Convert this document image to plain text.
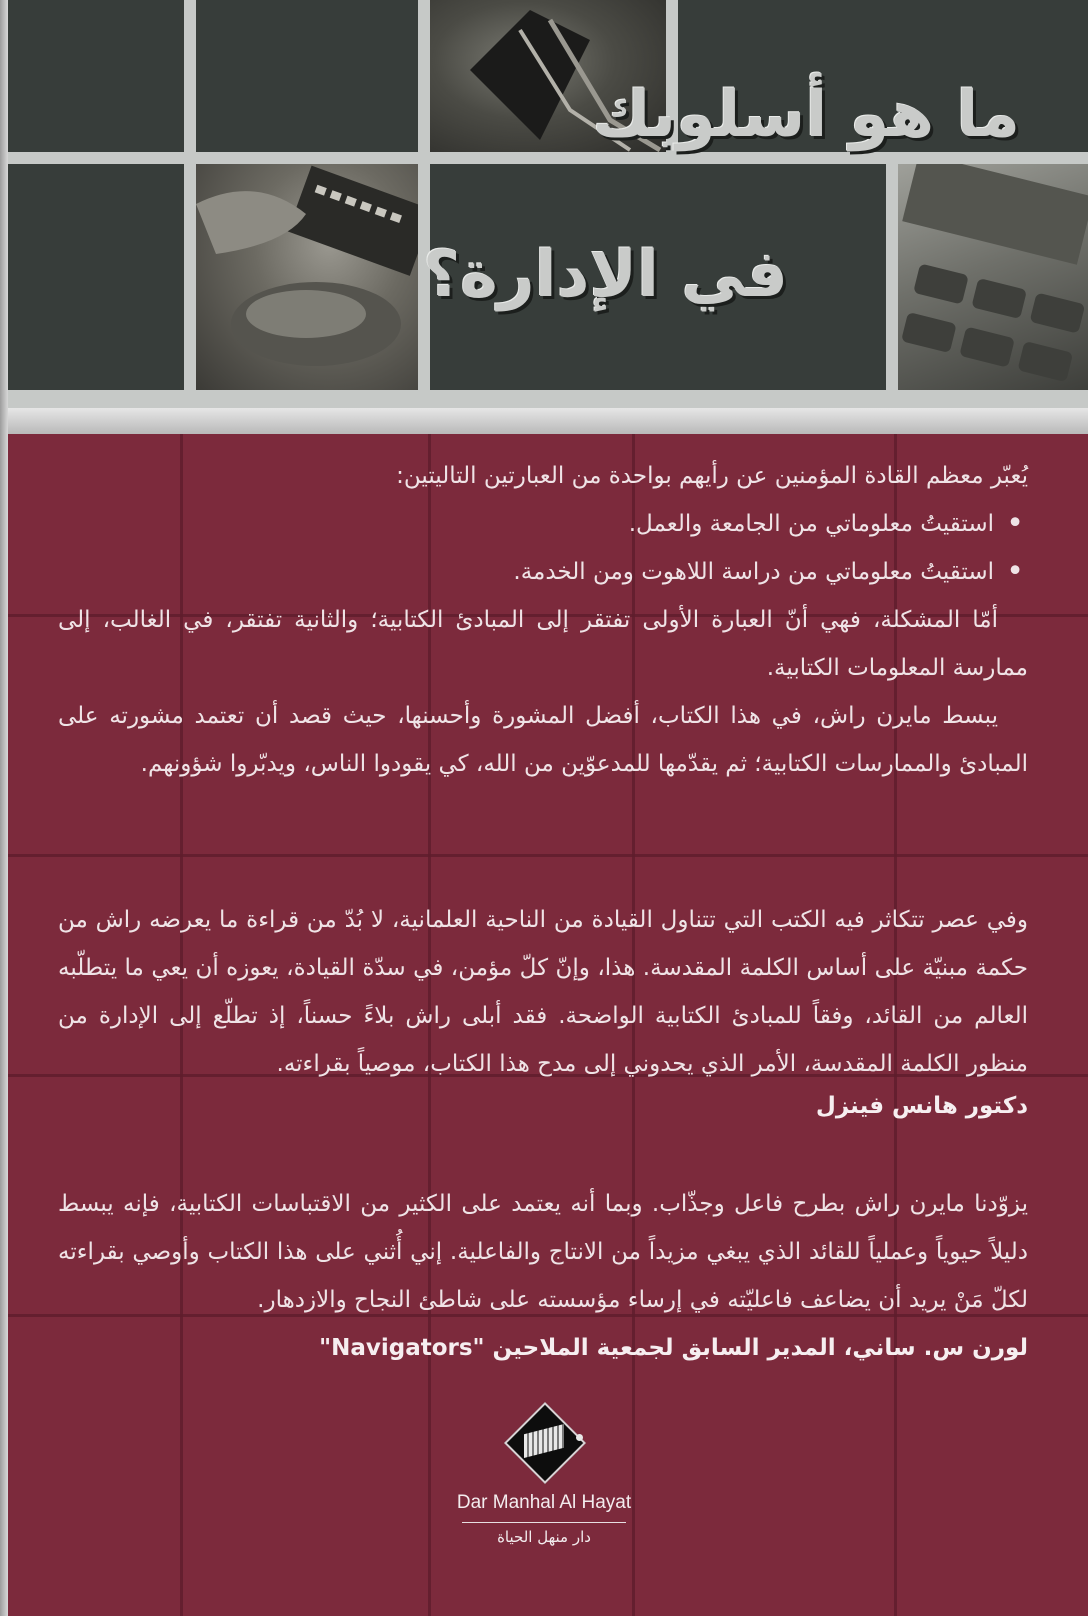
ما هو أسلوبك
في الإدارة؟

يُعبّر معظم القادة المؤمنين عن رأيهم بواحدة من العبارتين التاليتين:

• استقيتُ معلوماتي من الجامعة والعمل.

• استقيتُ معلوماتي من دراسة اللاهوت ومن الخدمة.

أمّا المشكلة، فهي أنّ العبارة الأولى تفتقر إلى المبادئ الكتابية؛ والثانية تفتقر، في الغالب، إلى ممارسة المعلومات الكتابية.

يبسط مايرن راش، في هذا الكتاب، أفضل المشورة وأحسنها، حيث قصد أن تعتمد مشورته على المبادئ والممارسات الكتابية؛ ثم يقدّمها للمدعوّين من الله، كي يقودوا الناس، ويدبّروا شؤونهم.

وفي عصر تتكاثر فيه الكتب التي تتناول القيادة من الناحية العلمانية، لا بُدّ من قراءة ما يعرضه راش من حكمة مبنيّة على أساس الكلمة المقدسة. هذا، وإنّ كلّ مؤمن، في سدّة القيادة، يعوزه أن يعي ما يتطلّبه العالم من القائد، وفقاً للمبادئ الكتابية الواضحة. فقد أبلى راش بلاءً حسناً، إذ تطلّع إلى الإدارة من منظور الكلمة المقدسة، الأمر الذي يحدوني إلى مدح هذا الكتاب، موصياً بقراءته.

دكتور هانس فينزل

يزوّدنا مايرن راش بطرح فاعل وجذّاب. وبما أنه يعتمد على الكثير من الاقتباسات الكتابية، فإنه يبسط دليلاً حيوياً وعملياً للقائد الذي يبغي مزيداً من الانتاج والفاعلية. إني أُثني على هذا الكتاب وأوصي بقراءته لكلّ مَنْ يريد أن يضاعف فاعليّته في إرساء مؤسسته على شاطئ النجاح والازدهار.

لورن س. ساني، المدير السابق لجمعية الملاحين "Navigators"

Dar Manhal Al Hayat
دار منهل الحياة
